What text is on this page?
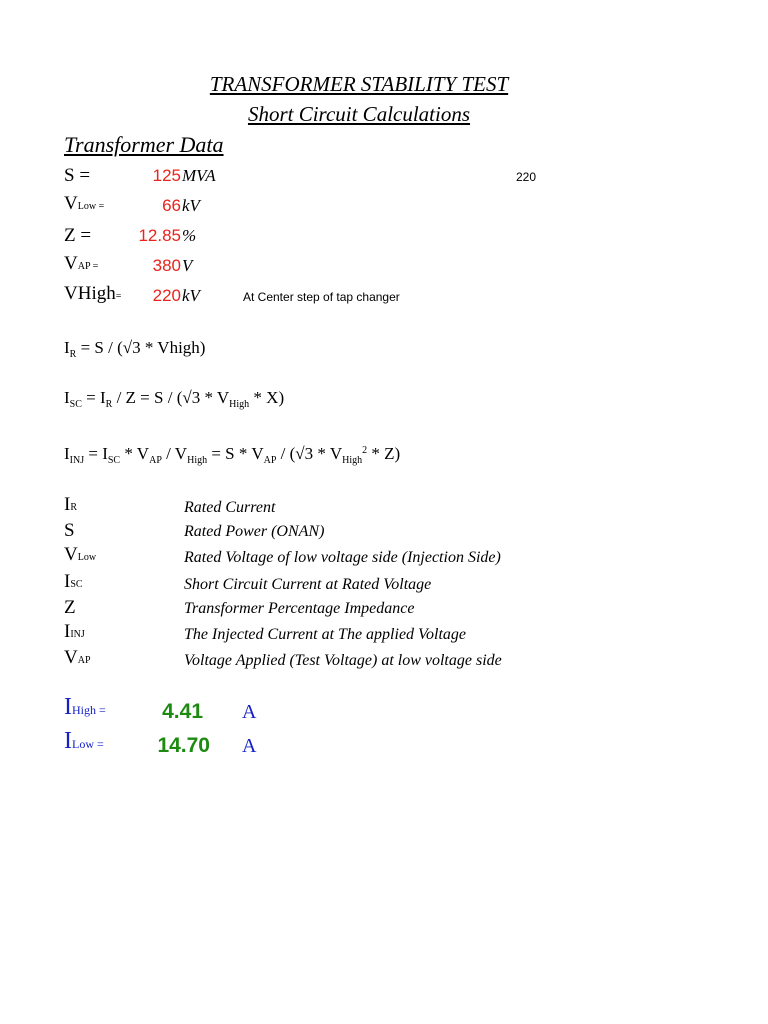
TRANSFORMER STABILITY TEST
Short Circuit Calculations
Transformer Data
S =	125 MVA	220
VLow =	66 kV
Z =	12.85 %
VAP =	380 V
VHigh=	220 kV	At Center step of tap changer
$I_R = S / (√3$ * Vhigh)
$I_{SC} = I_R / Z = S / (√3 * V_{High} * X)$
$I_{INJ} = I_{SC} * V_{AP} / V_{High} = S * V_{AP} / (√3 * V_{High}^2 * Z)$
IR	Rated Current
S	Rated Power (ONAN)
VLow	Rated Voltage of low voltage side (Injection Side)
ISC	Short Circuit Current at Rated Voltage
Z	Transformer Percentage Impedance
IINJ	The Injected Current at The applied Voltage
VAP	Voltage Applied (Test Voltage) at low voltage side
IHigh =	4.41 A
ILow =	14.70 A
